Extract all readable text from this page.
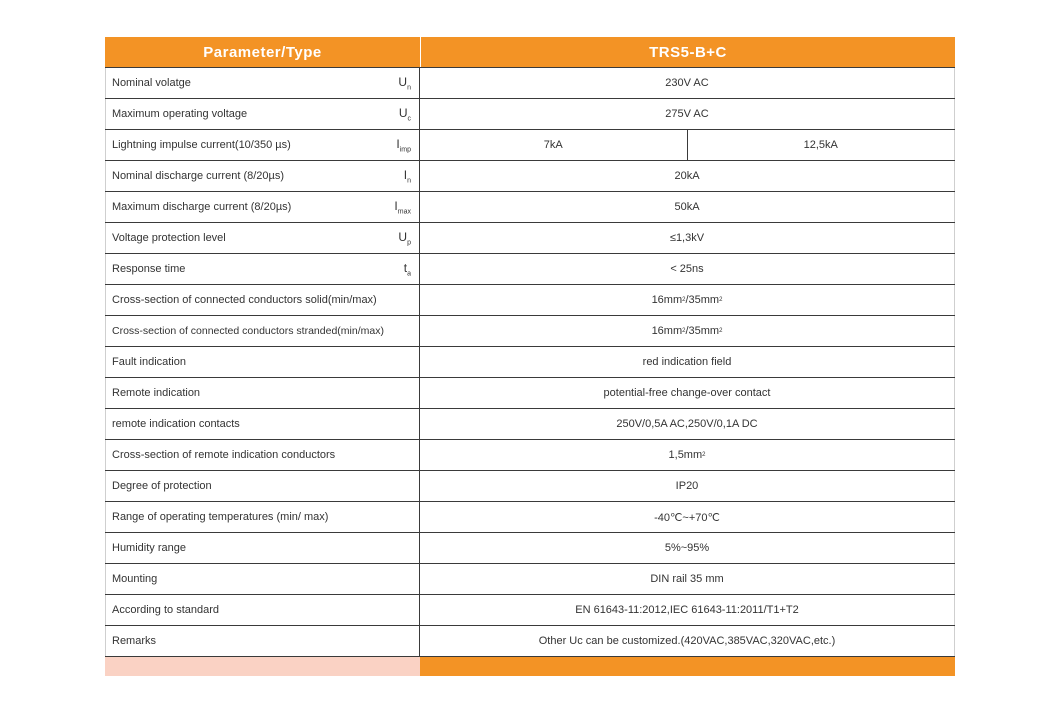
Parameter/Type	TRS5-B+C
Nominal volatge	$U_n$	230V AC
Maximum operating voltage	$U_c$	275V AC
Lightning impulse current(10/350 µs)	$I_{imp}$	7kA	12,5kA
Nominal discharge current (8/20µs)	$I_n$	20kA
Maximum discharge current (8/20µs)	$I_{max}$	50kA
Voltage protection level	$U_p$	≤1,3kV
Response time	$t_a$	< 25ns
Cross-section of connected conductors solid(min/max)	16mm 2 /35mm 2
Cross-section of connected conductors stranded(min/max)	16mm 2 /35mm 2
Fault indication	red indication field
Remote indication	potential-free change-over contact
remote indication contacts	250V/0,5A AC,250V/0,1A DC
Cross-section of remote indication conductors	1,5mm 2
Degree of protection	IP20
Range of operating temperatures (min/ max)	-40℃~+70℃
Humidity range	5%~95%
Mounting	DIN rail 35 mm
According to standard	EN 61643-11:2012,IEC 61643-11:2011/T1+T2
Remarks	Other Uc can be customized.(420VAC,385VAC,320VAC,etc.)
